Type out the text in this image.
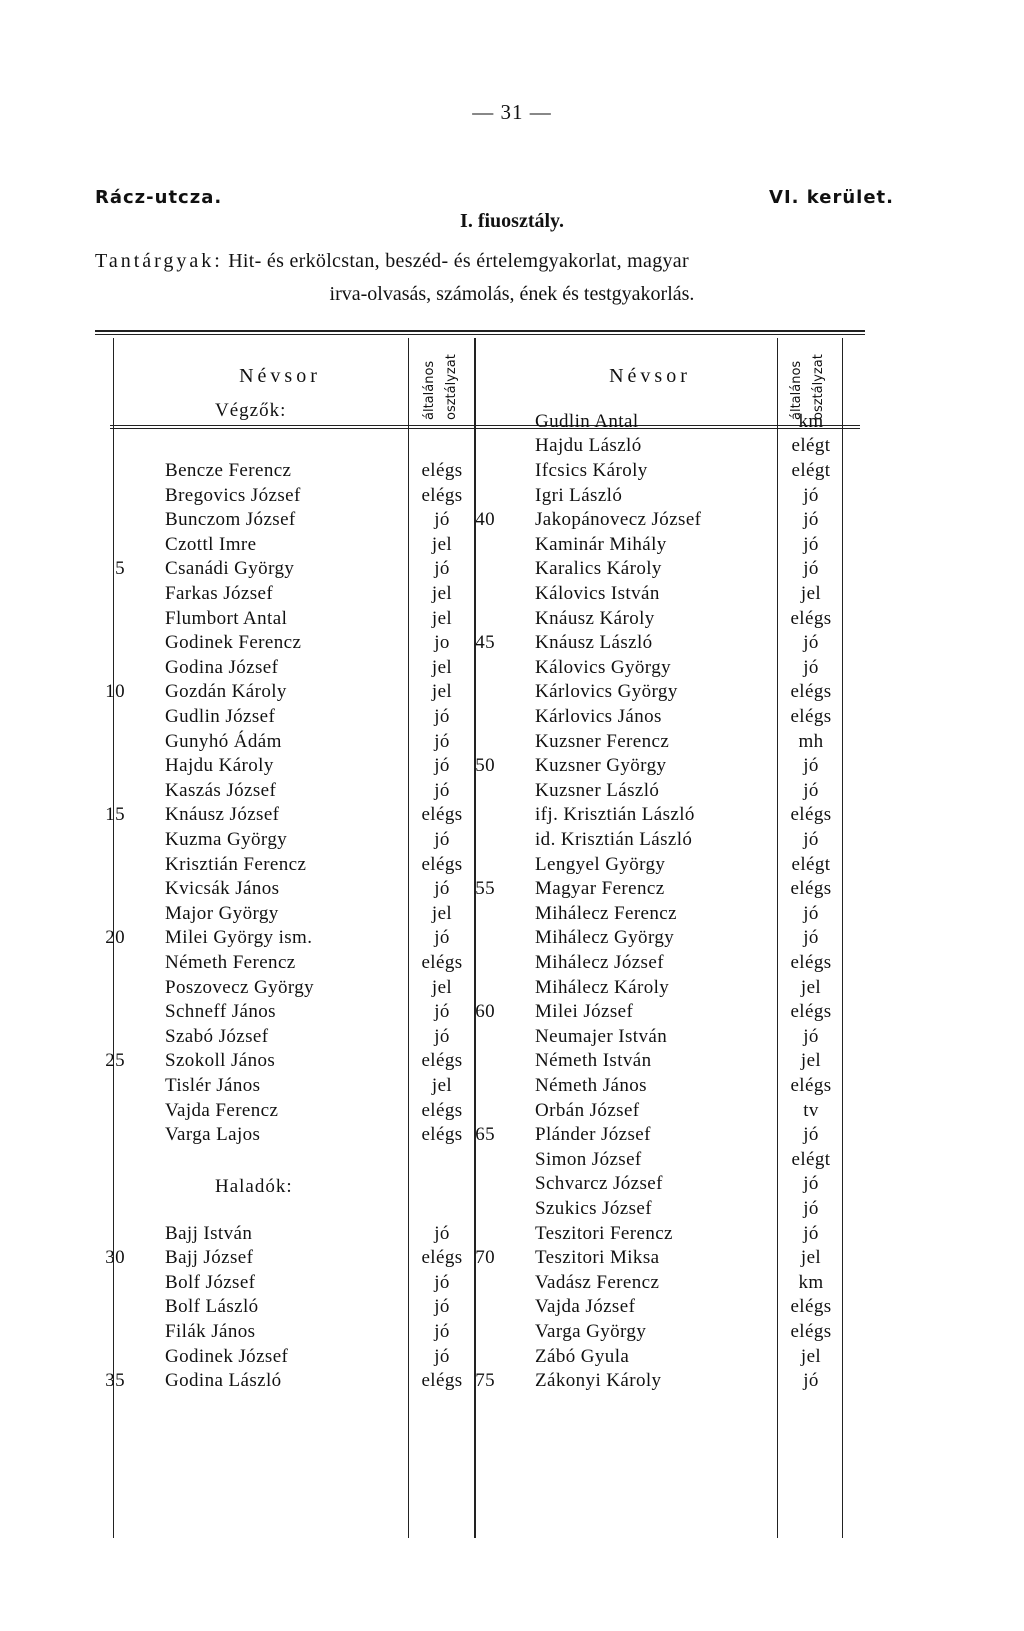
— 31 —
Rácz-utcza.
I. fiuosztály.
VI. kerület.
Tantárgyak: Hit- és erkölcstan, beszéd- és értelemgyakorlat, magyar
irva-olvasás, számolás, ének és testgyakorlás.
Névsor	általános osztályzat	Névsor	általános osztályzat
Végzők:
Bencze Ferencz	elégs
Bregovics József	elégs
Bunczom József	jó
Czottl Imre	jel
5 Csanádi György	jó
Farkas József	jel
Flumbort Antal	jel
Godinek Ferencz	jo
Godina József	jel
10 Gozdán Károly	jel
Gudlin József	jó
Gunyhó Ádám	jó
Hajdu Károly	jó
Kaszás József	jó
15 Knáusz József	elégs
Kuzma György	jó
Krisztián Ferencz	elégs
Kvicsák János	jó
Major György	jel
20 Milei György ism.	jó
Németh Ferencz	elégs
Poszovecz György	jel
Schneff János	jó
Szabó József	jó
25 Szokoll János	elégs
Tislér János	jel
Vajda Ferencz	elégs
Varga Lajos	elégs
Haladók:
Bajj István	jó
30 Bajj József	elégs
Bolf József	jó
Bolf László	jó
Filák János	jó
Godinek József	jó
35 Godina László	elégs
Gudlin Antal	km
Hajdu László	elégt
Ifcsics Károly	elégt
Igri László	jó
40 Jakopánovecz József	jó
Kaminár Mihály	jó
Karalics Károly	jó
Kálovics István	jel
Knáusz Károly	elégs
45 Knáusz László	jó
Kálovics György	jó
Kárlovics György	elégs
Kárlovics János	elégs
Kuzsner Ferencz	mh
50 Kuzsner György	jó
Kuzsner László	jó
ifj. Krisztián László	elégs
id. Krisztián László	jó
Lengyel György	elégt
55 Magyar Ferencz	elégs
Mihálecz Ferencz	jó
Mihálecz György	jó
Mihálecz József	elégs
Mihálecz Károly	jel
60 Milei József	elégs
Neumajer István	jó
Németh István	jel
Németh János	elégs
Orbán József	tv
65 Plánder József	jó
Simon József	elégt
Schvarcz József	jó
Szukics József	jó
Teszitori Ferencz	jó
70 Teszitori Miksa	jel
Vadász Ferencz	km
Vajda József	elégs
Varga György	elégs
Zábó Gyula	jel
75 Zákonyi Károly	jó
